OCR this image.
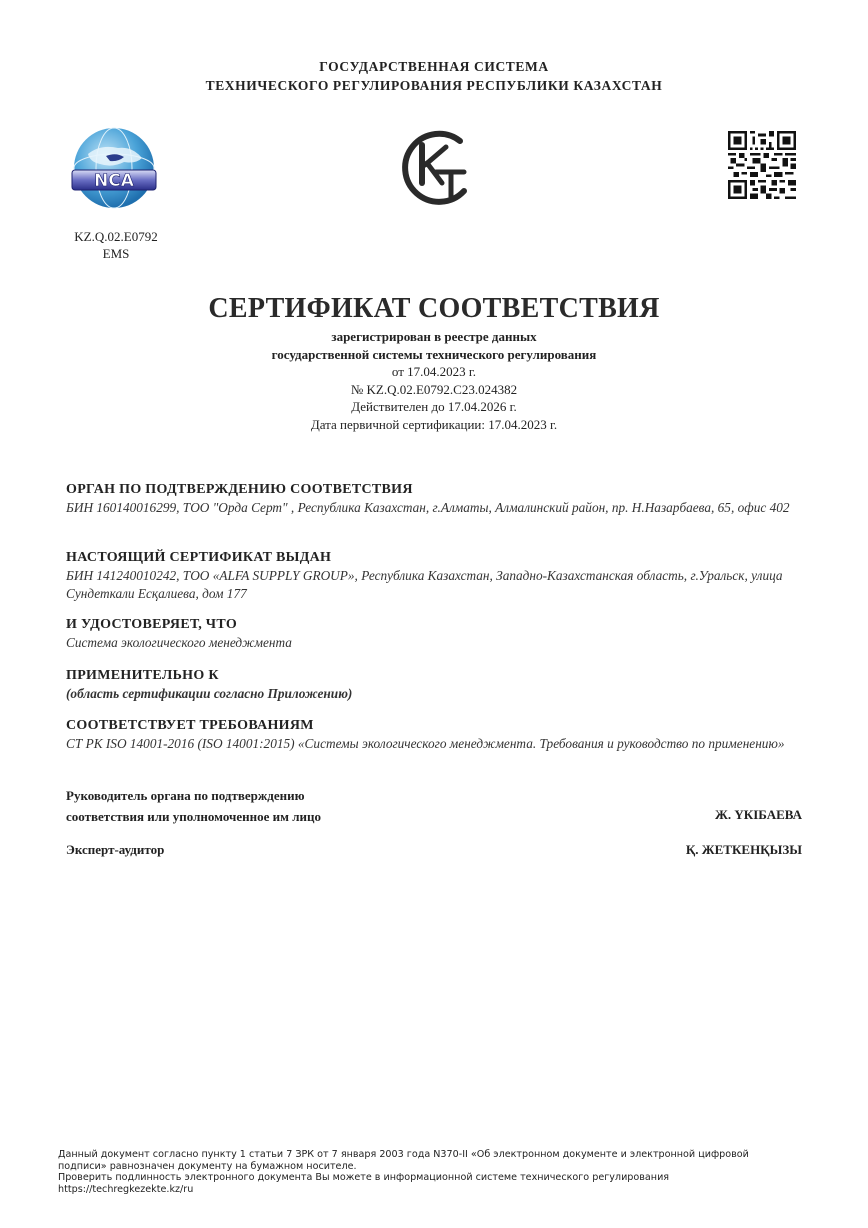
ГОСУДАРСТВЕННАЯ СИСТЕМА
ТЕХНИЧЕСКОГО РЕГУЛИРОВАНИЯ РЕСПУБЛИКИ КАЗАХСТАН
NCA
KZ.Q.02.E0792
EMS
СЕРТИФИКАТ СООТВЕТСТВИЯ
зарегистрирован в реестре данных
государственной системы технического регулирования
от 17.04.2023 г.
№ KZ.Q.02.E0792.C23.024382
Действителен до 17.04.2026 г.
Дата первичной сертификации: 17.04.2023 г.
ОРГАН ПО ПОДТВЕРЖДЕНИЮ СООТВЕТСТВИЯ
БИН 160140016299, ТОО "Орда Серт" , Республика Казахстан, г.Алматы, Алмалинский район, пр. Н.Назарбаева, 65, офис 402
НАСТОЯЩИЙ СЕРТИФИКАТ ВЫДАН
БИН 141240010242, ТОО «ALFA SUPPLY GROUP», Республика Казахстан, Западно-Казахстанская область, г.Уральск, улица Сундеткали Есқалиева, дом 177
И УДОСТОВЕРЯЕТ, ЧТО
Система экологического менеджмента
ПРИМЕНИТЕЛЬНО К
(область сертификации согласно Приложению)
СООТВЕТСТВУЕТ ТРЕБОВАНИЯМ
СТ РК ISO 14001-2016 (ISO 14001:2015) «Системы экологического менеджмента. Требования и руководство по применению»
Руководитель органа по подтверждению
соответствия или уполномоченное им лицо	Ж. ҮКІБАЕВА
Эксперт-аудитор	Қ. ЖЕТКЕНҚЫЗЫ
Данный документ согласно пункту 1 статьи 7 ЗРК от 7 января 2003 года N370-II «Об электронном документе и электронной цифровой
подписи» равнозначен документу на бумажном носителе.
Проверить подлинность электронного документа Вы можете в информационной системе технического регулирования
https://techregkezekte.kz/ru
